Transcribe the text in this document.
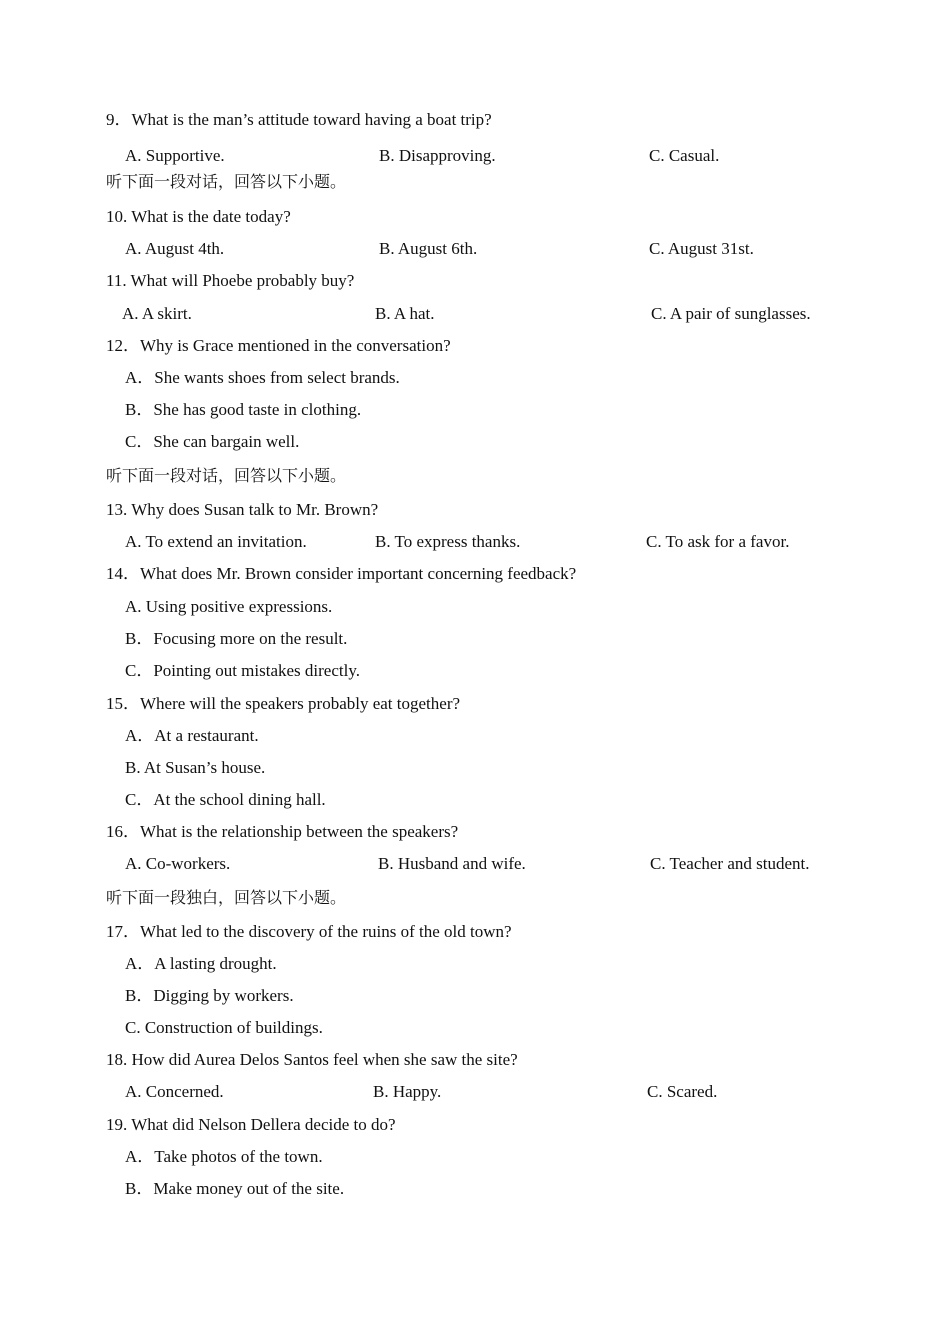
9．What is the man’s attitude toward having a boat trip?
A. Supportive.	B. Disapproving.	C. Casual.
听下面一段对话，回答以下小题。
10. What is the date today?
A. August 4th.	B. August 6th.	C. August 31st.
11. What will Phoebe probably buy?
A. A skirt.	B. A hat.	C. A pair of sunglasses.
12．Why is Grace mentioned in the conversation?
A．She wants shoes from select brands.
B．She has good taste in clothing.
C．She can bargain well.
听下面一段对话，回答以下小题。
13. Why does Susan talk to Mr. Brown?
A. To extend an invitation.	B. To express thanks.	C. To ask for a favor.
14．What does Mr. Brown consider important concerning feedback?
A. Using positive expressions.
B．Focusing more on the result.
C．Pointing out mistakes directly.
15．Where will the speakers probably eat together?
A．At a restaurant.
B. At Susan’s house.
C．At the school dining hall.
16．What is the relationship between the speakers?
A. Co-workers.	B. Husband and wife.	C. Teacher and student.
听下面一段独白，回答以下小题。
17．What led to the discovery of the ruins of the old town?
A．A lasting drought.
B．Digging by workers.
C. Construction of buildings.
18. How did Aurea Delos Santos feel when she saw the site?
A. Concerned.	B. Happy.	C. Scared.
19. What did Nelson Dellera decide to do?
A．Take photos of the town.
B．Make money out of the site.
